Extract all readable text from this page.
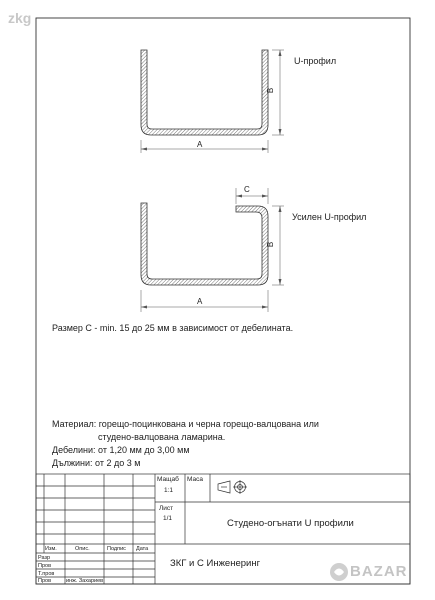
zkg
U-профил
A
B
Усилен U-профил
C
B
A
Размер С - min. 15 до 25 мм в зависимост от дебелината.
Материал: горещо-поцинкована и черна горещо-валцована или
студено-валцована ламарина.
Дебелини: от 1,20 мм до 3,00 мм
Дължини: от 2 до 3 м
Мащаб
1:1
Маса
Лист
1/1	Студено-огънати U профили
ЗКГ и С Инженеринг
Изм.	Опис.	Подпис Дата
Разр
Пров
Т.пров
Пров	инж. Захариев
BAZAR
